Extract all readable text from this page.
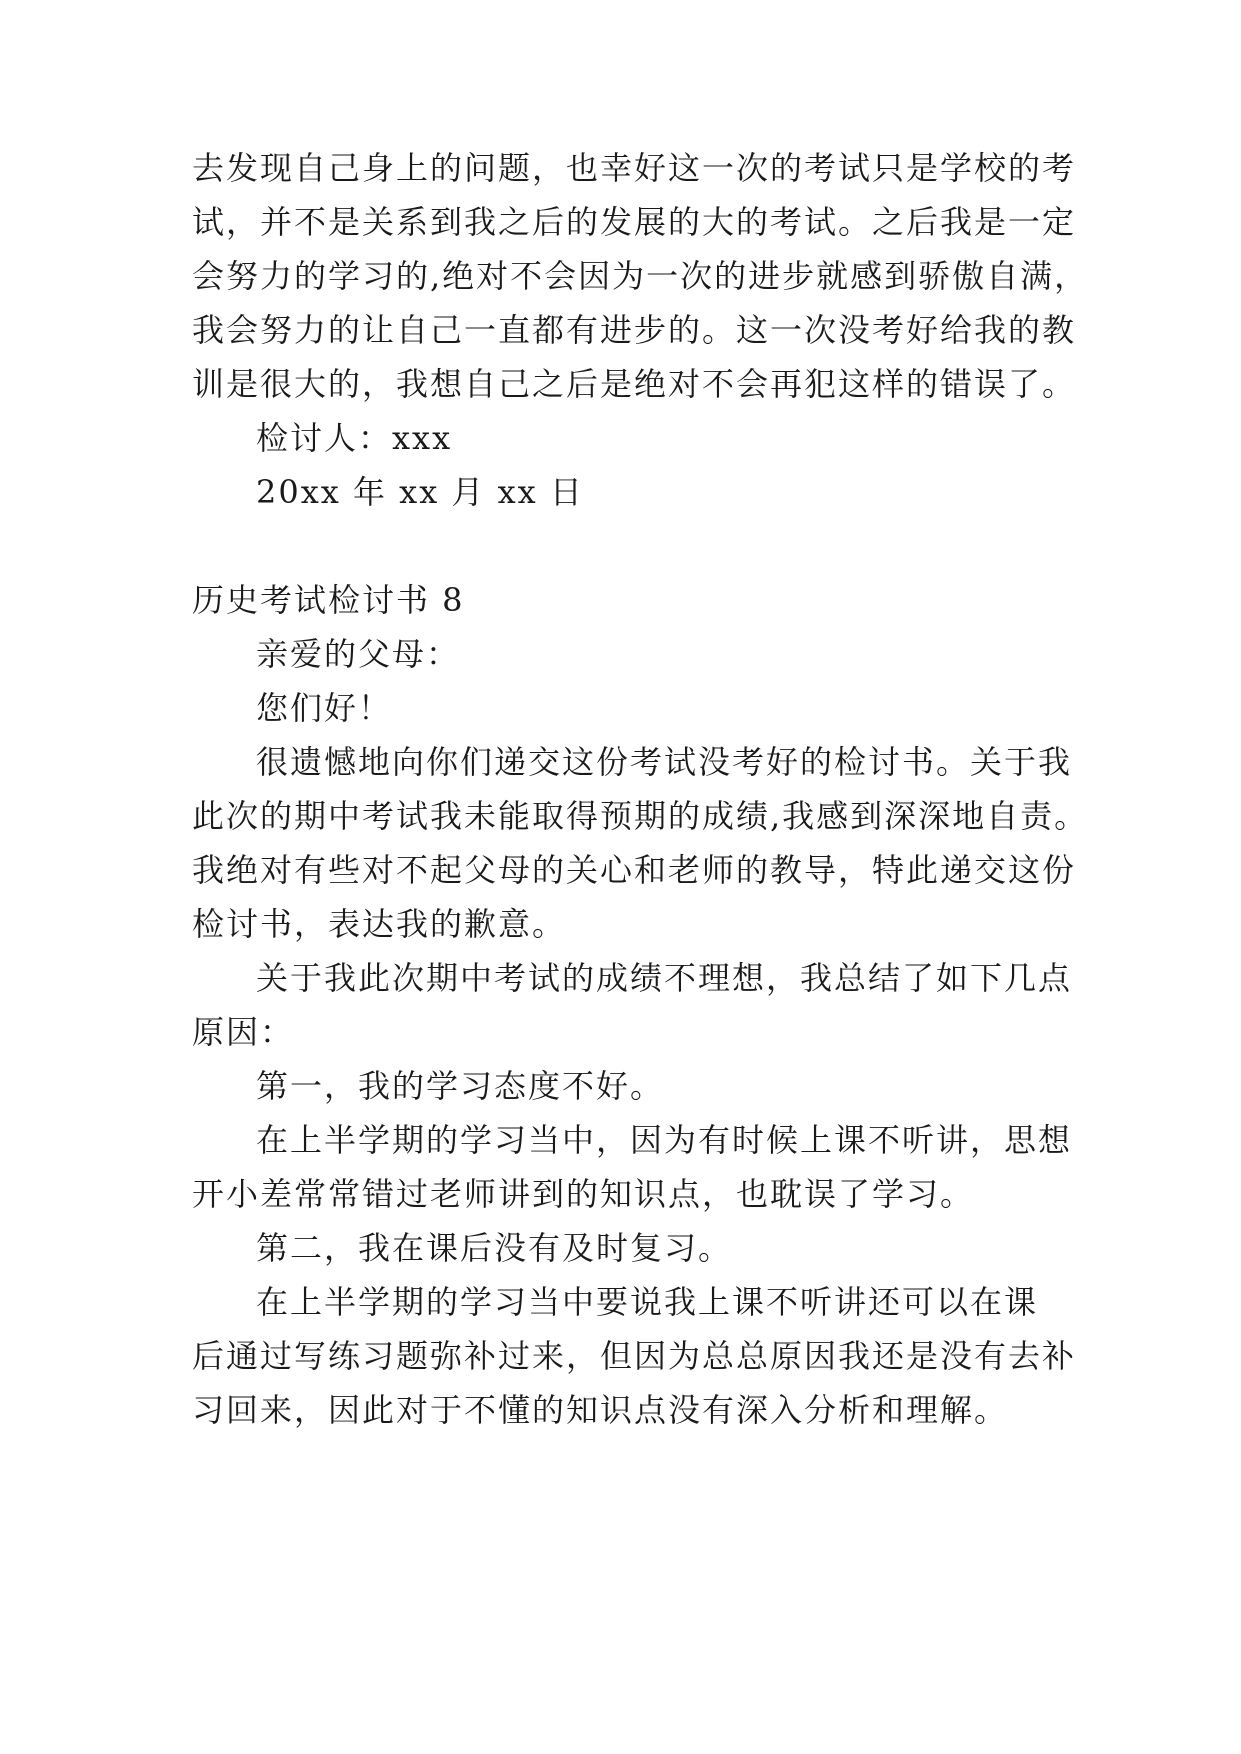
去发现自己身上的问题，也幸好这一次的考试只是学校的考
试，并不是关系到我之后的发展的大的考试。之后我是一定
会努力的学习的,绝对不会因为一次的进步就感到骄傲自满，
我会努力的让自己一直都有进步的。这一次没考好给我的教
训是很大的，我想自己之后是绝对不会再犯这样的错误了。
检讨人：xxx
20xx 年 xx 月 xx 日
历史考试检讨书 8
亲爱的父母：
您们好！
很遗憾地向你们递交这份考试没考好的检讨书。关于我
此次的期中考试我未能取得预期的成绩,我感到深深地自责。
我绝对有些对不起父母的关心和老师的教导，特此递交这份
检讨书，表达我的歉意。
关于我此次期中考试的成绩不理想，我总结了如下几点
原因：
第一，我的学习态度不好。
在上半学期的学习当中，因为有时候上课不听讲，思想
开小差常常错过老师讲到的知识点，也耽误了学习。
第二，我在课后没有及时复习。
在上半学期的学习当中要说我上课不听讲还可以在课
后通过写练习题弥补过来，但因为总总原因我还是没有去补
习回来，因此对于不懂的知识点没有深入分析和理解。
